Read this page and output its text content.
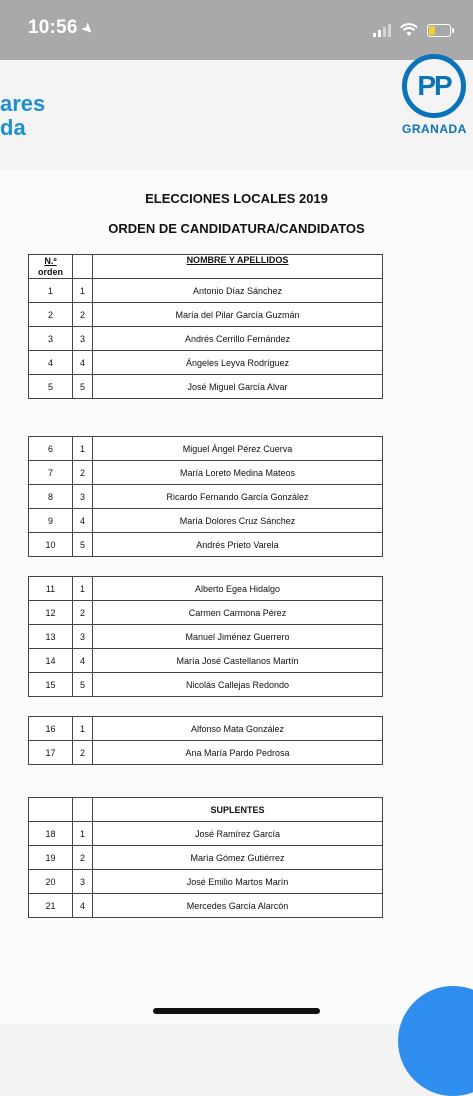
10:56➤
ares
da
PP
GRANADA
ELECCIONES LOCALES 2019
ORDEN DE CANDIDATURA/CANDIDATOS
N.º
orden		NOMBRE Y APELLIDOS
1	1	Antonio Díaz Sánchez
2	2	María del Pilar García Guzmán
3	3	Andrés Cerrillo Fernández
4	4	Ángeles Leyva Rodríguez
5	5	José Miguel García Alvar
6	1	Miguel Ángel Pérez Cuerva
7	2	María Loreto Medina Mateos
8	3	Ricardo Fernando García González
9	4	María Dolores Cruz Sánchez
10	5	Andrés Prieto Varela
11	1	Alberto Egea Hidalgo
12	2	Carmen Carmona Pérez
13	3	Manuel Jiménez Guerrero
14	4	María José Castellanos Martín
15	5	Nicolás Callejas Redondo
16	1	Alfonso Mata González
17	2	Ana María Pardo Pedrosa
		SUPLENTES
18	1	José Ramírez García
19	2	María Gómez Gutiérrez
20	3	José Emilio Martos Marín
21	4	Mercedes García Alarcón
